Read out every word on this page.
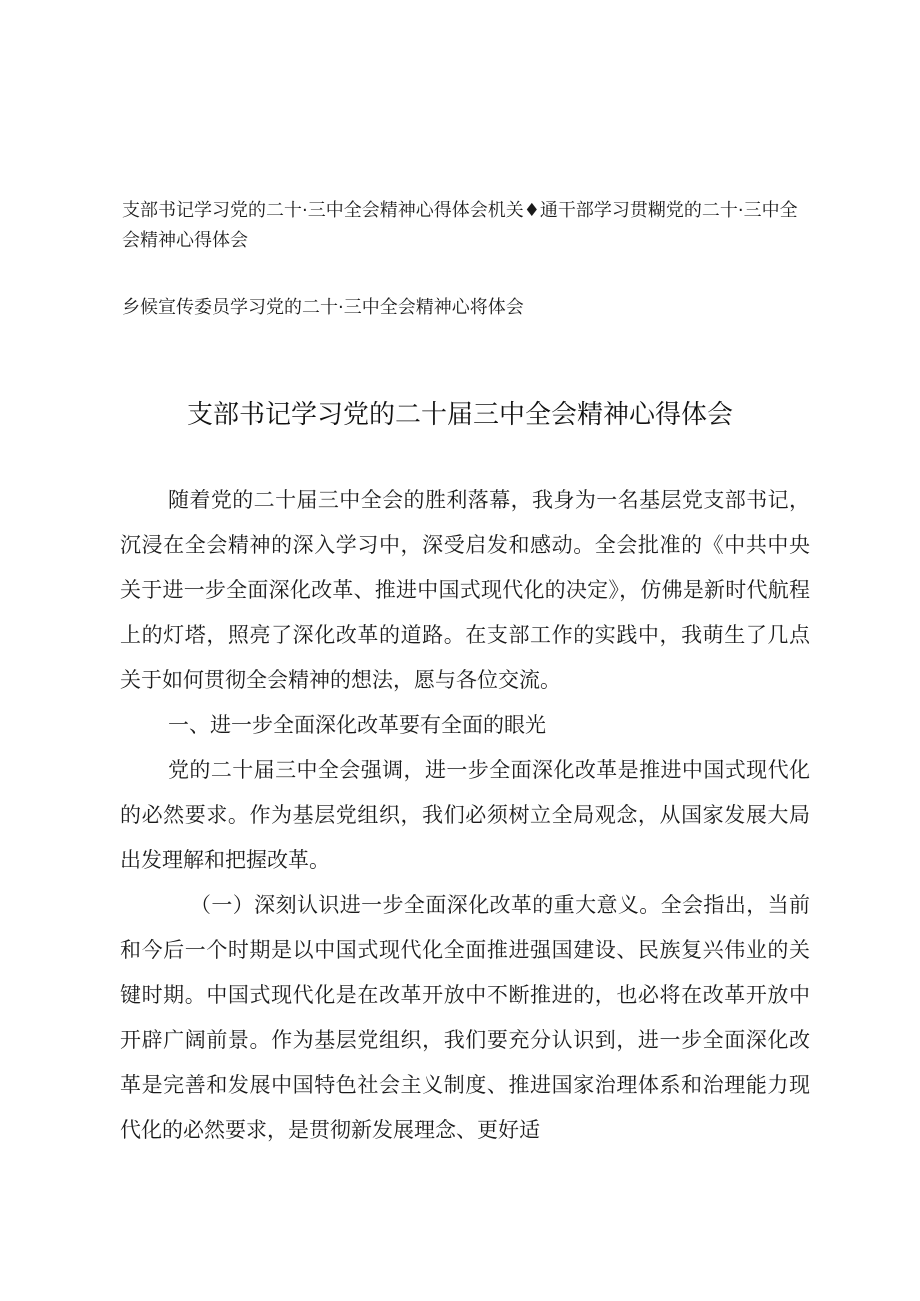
支部书记学习党的二十·三中全会精神心得体会机关♦通干部学习贯糊党的二十·三中全会精神心得体会
乡候宣传委员学习党的二十·三中全会精神心将体会
支部书记学习党的二十届三中全会精神心得体会

随着党的二十届三中全会的胜利落幕，我身为一名基层党支部书记，沉浸在全会精神的深入学习中，深受启发和感动。全会批准的《中共中央关于进一步全面深化改革、推进中国式现代化的决定》，仿佛是新时代航程上的灯塔，照亮了深化改革的道路。在支部工作的实践中，我萌生了几点关于如何贯彻全会精神的想法，愿与各位交流。

一、进一步全面深化改革要有全面的眼光

党的二十届三中全会强调，进一步全面深化改革是推进中国式现代化的必然要求。作为基层党组织，我们必须树立全局观念，从国家发展大局出发理解和把握改革。

（一）深刻认识进一步全面深化改革的重大意义。全会指出，当前和今后一个时期是以中国式现代化全面推进强国建设、民族复兴伟业的关键时期。中国式现代化是在改革开放中不断推进的，也必将在改革开放中开辟广阔前景。作为基层党组织，我们要充分认识到，进一步全面深化改革是完善和发展中国特色社会主义制度、推进国家治理体系和治理能力现代化的必然要求，是贯彻新发展理念、更好适
